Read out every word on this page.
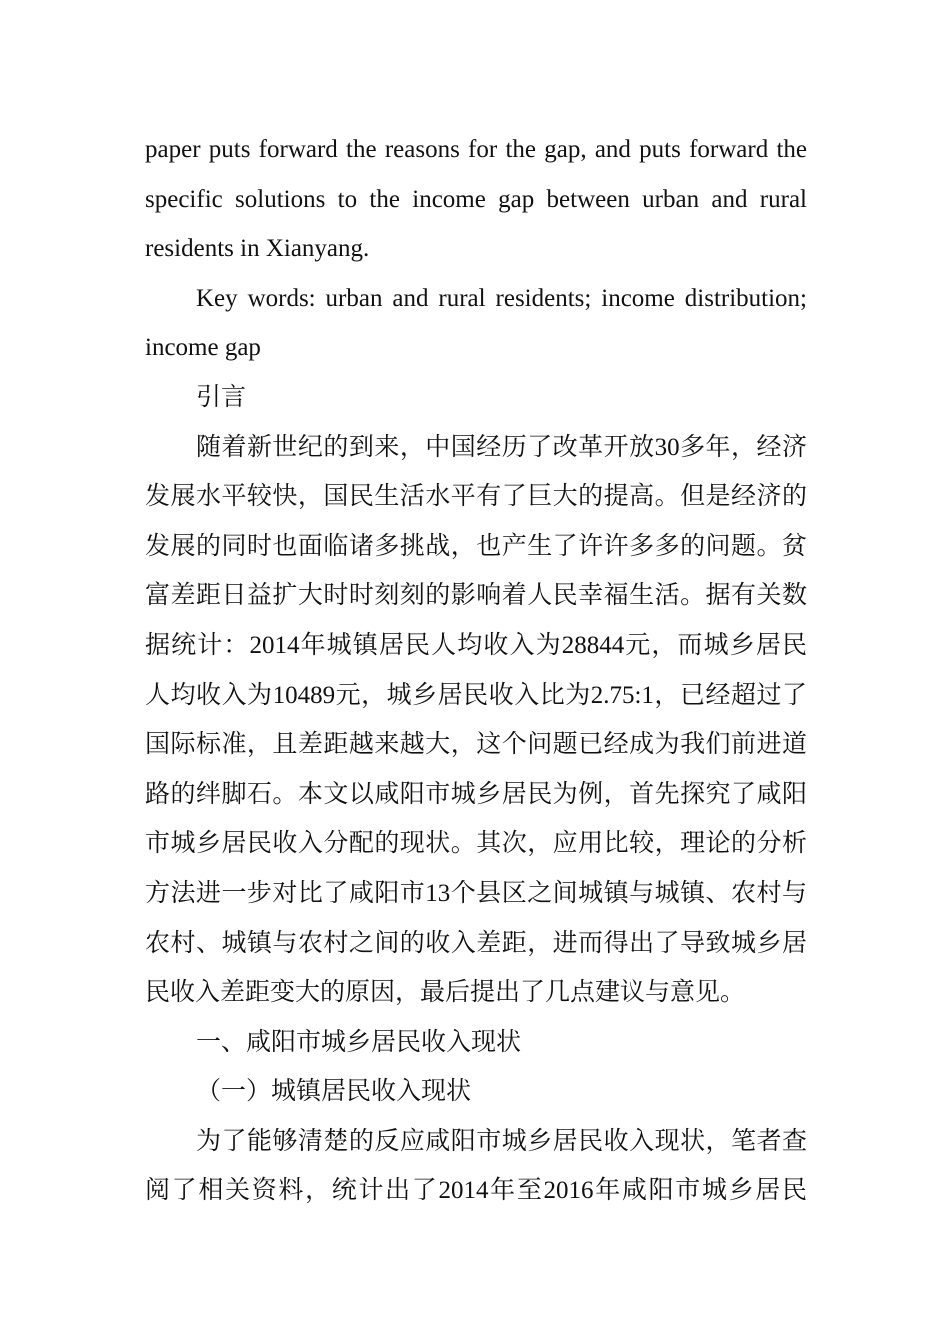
paper puts forward the reasons for the gap, and puts forward the specific solutions to the income gap between urban and rural residents in Xianyang.

Key words: urban and rural residents; income distribution; income gap

引言

随着新世纪的到来，中国经历了改革开放30多年，经济发展水平较快，国民生活水平有了巨大的提高。但是经济的发展的同时也面临诸多挑战，也产生了许许多多的问题。贫富差距日益扩大时时刻刻的影响着人民幸福生活。据有关数据统计：2014年城镇居民人均收入为28844元，而城乡居民人均收入为10489元，城乡居民收入比为2.75:1，已经超过了国际标准，且差距越来越大，这个问题已经成为我们前进道路的绊脚石。本文以咸阳市城乡居民为例，首先探究了咸阳市城乡居民收入分配的现状。其次，应用比较，理论的分析方法进一步对比了咸阳市13个县区之间城镇与城镇、农村与农村、城镇与农村之间的收入差距，进而得出了导致城乡居民收入差距变大的原因，最后提出了几点建议与意见。

一、咸阳市城乡居民收入现状

（一）城镇居民收入现状

为了能够清楚的反应咸阳市城乡居民收入现状，笔者查阅了相关资料，统计出了2014年至2016年咸阳市城乡居民
